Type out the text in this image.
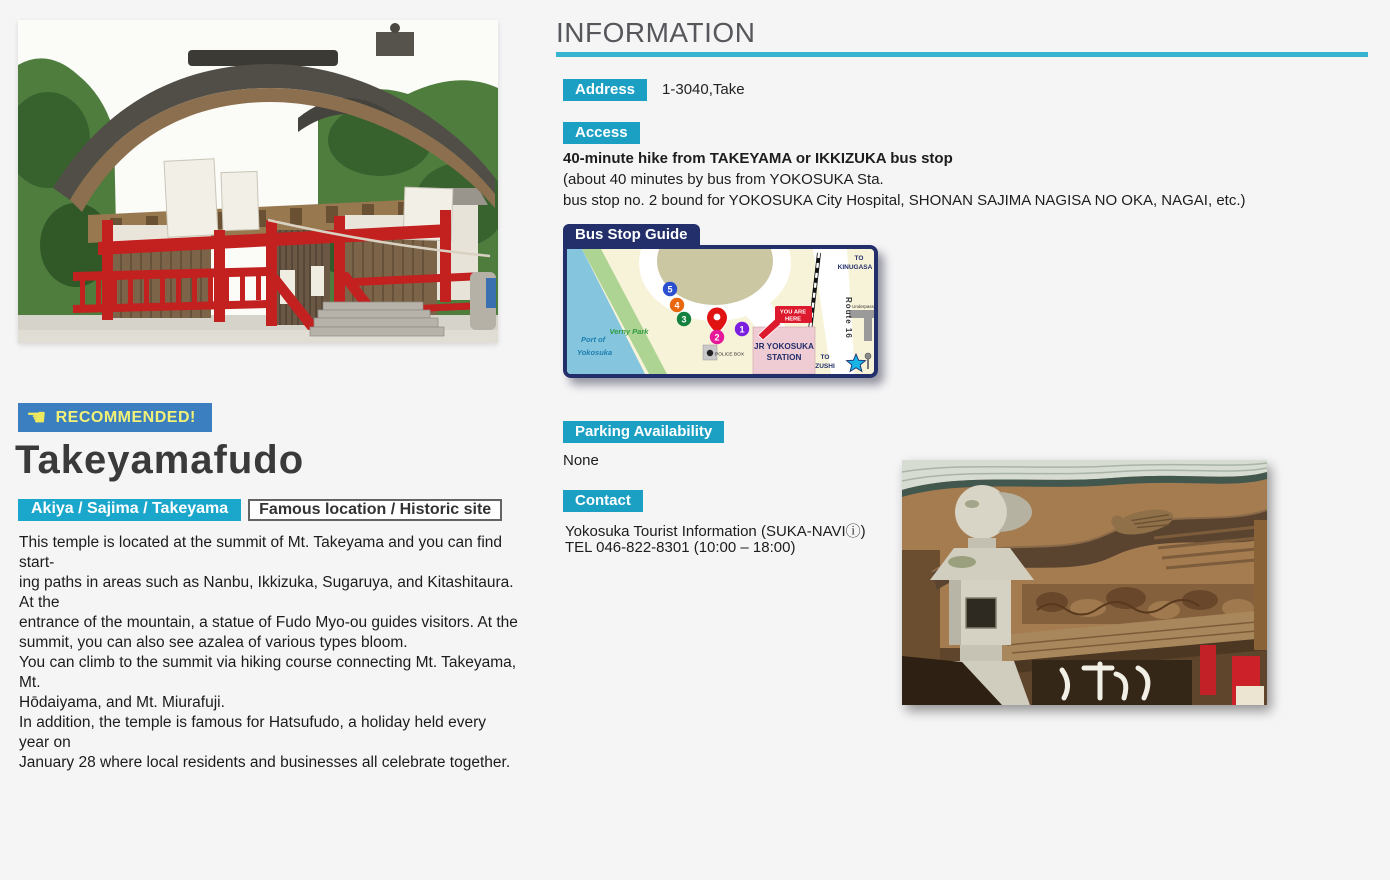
☚ RECOMMENDED!
Takeyamafudo
Akiya / Sajima / Takeyama	Famous location / Historic site
This temple is located at the summit of Mt. Takeyama and you can find start-
ing paths in areas such as Nanbu, Ikkizuka, Sugaruya, and Kitashitaura. At the
entrance of the mountain, a statue of Fudo Myo-ou guides visitors. At the
summit, you can also see azalea of various types bloom.
You can climb to the summit via hiking course connecting Mt. Takeyama, Mt.
Hōdaiyama, and Mt. Miurafuji.
In addition, the temple is famous for Hatsufudo, a holiday held every year on
January 28 where local residents and businesses all celebrate together.
INFORMATION
Address 1-3040,Take
Access
40-minute hike from TAKEYAMA or IKKIZUKA bus stop
(about 40 minutes by bus from YOKOSUKA Sta.
bus stop no. 2 bound for YOKOSUKA City Hospital, SHONAN SAJIMA NAGISA NO OKA, NAGAI, etc.)
Bus Stop Guide
Underpass
JR YOKOSUKA
STATION
YOU ARE
HERE
POLICE BOX
5
4
3
1
2
Port of
Yokosuka
Verny Park
TO
KINUGASA
TO
ZUSHI
Route 16
Parking Availability
None
Contact
Yokosuka Tourist Information (SUKA-NAVIⓘ)
TEL 046-822-8301 (10:00 – 18:00)
